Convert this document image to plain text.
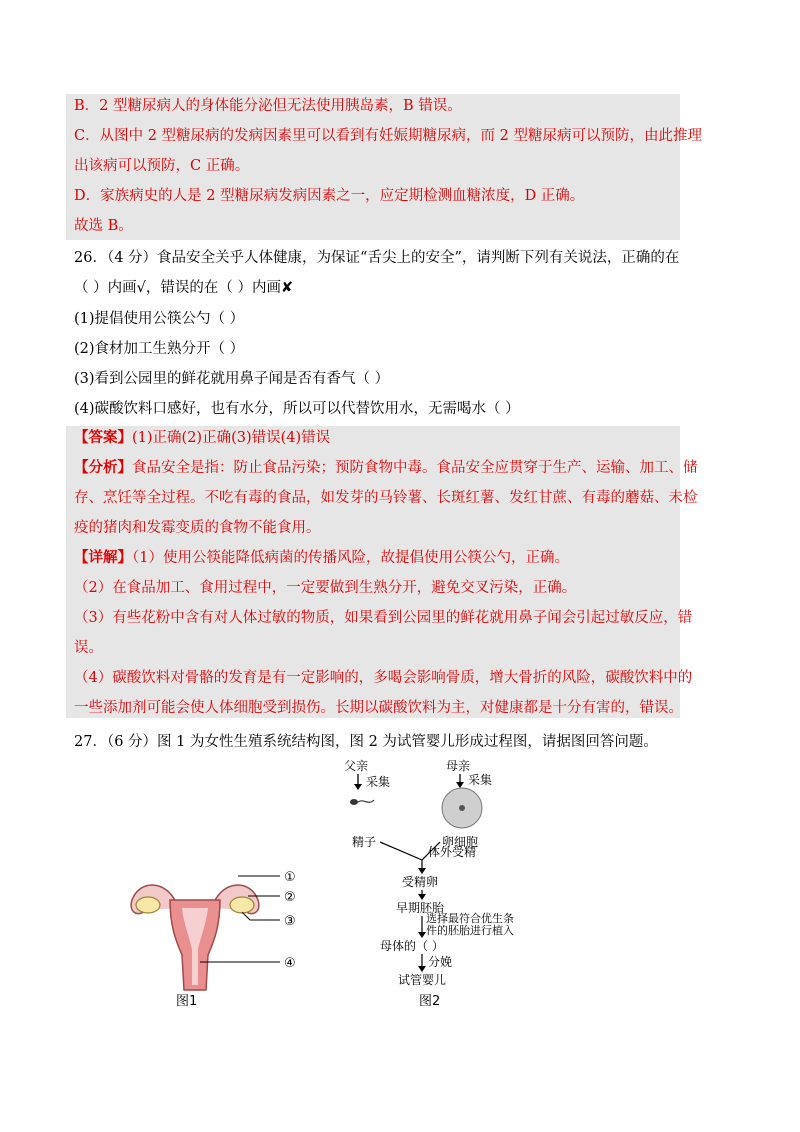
B．2 型糖尿病人的身体能分泌但无法使用胰岛素，B 错误。
C．从图中 2 型糖尿病的发病因素里可以看到有妊娠期糖尿病，而 2 型糖尿病可以预防，由此推理
出该病可以预防，C 正确。
D．家族病史的人是 2 型糖尿病发病因素之一，应定期检测血糖浓度，D 正确。
故选 B。
26．（4 分）食品安全关乎人体健康，为保证“舌尖上的安全”，请判断下列有关说法，正确的在
（ ）内画√，错误的在（ ）内画✘
(1)提倡使用公筷公勺（ ）
(2)食材加工生熟分开（ ）
(3)看到公园里的鲜花就用鼻子闻是否有香气（ ）
(4)碳酸饮料口感好，也有水分，所以可以代替饮用水，无需喝水（ ）
【答案】(1)正确(2)正确(3)错误(4)错误
【分析】食品安全是指：防止食品污染；预防食物中毒。食品安全应贯穿于生产、运输、加工、储
存、烹饪等全过程。不吃有毒的食品，如发芽的马铃薯、长斑红薯、发红甘蔗、有毒的蘑菇、未检
疫的猪肉和发霉变质的食物不能食用。
【详解】（1）使用公筷能降低病菌的传播风险，故提倡使用公筷公勺，正确。
（2）在食品加工、食用过程中，一定要做到生熟分开，避免交叉污染，正确。
（3）有些花粉中含有对人体过敏的物质，如果看到公园里的鲜花就用鼻子闻会引起过敏反应，错
误。
（4）碳酸饮料对骨骼的发育是有一定影响的，多喝会影响骨质，增大骨折的风险，碳酸饮料中的
一些添加剂可能会使人体细胞受到损伤。长期以碳酸饮料为主，对健康都是十分有害的，错误。
27．（6 分）图 1 为女性生殖系统结构图，图 2 为试管婴儿形成过程图，请据图回答问题。
①
②
③
④
图1
父亲	母亲
采集	采集
精子	卵细胞
体外受精
受精卵
早期胚胎
选择最符合优生条
件的胚胎进行植入
母体的（ ）
分娩
试管婴儿
图2
